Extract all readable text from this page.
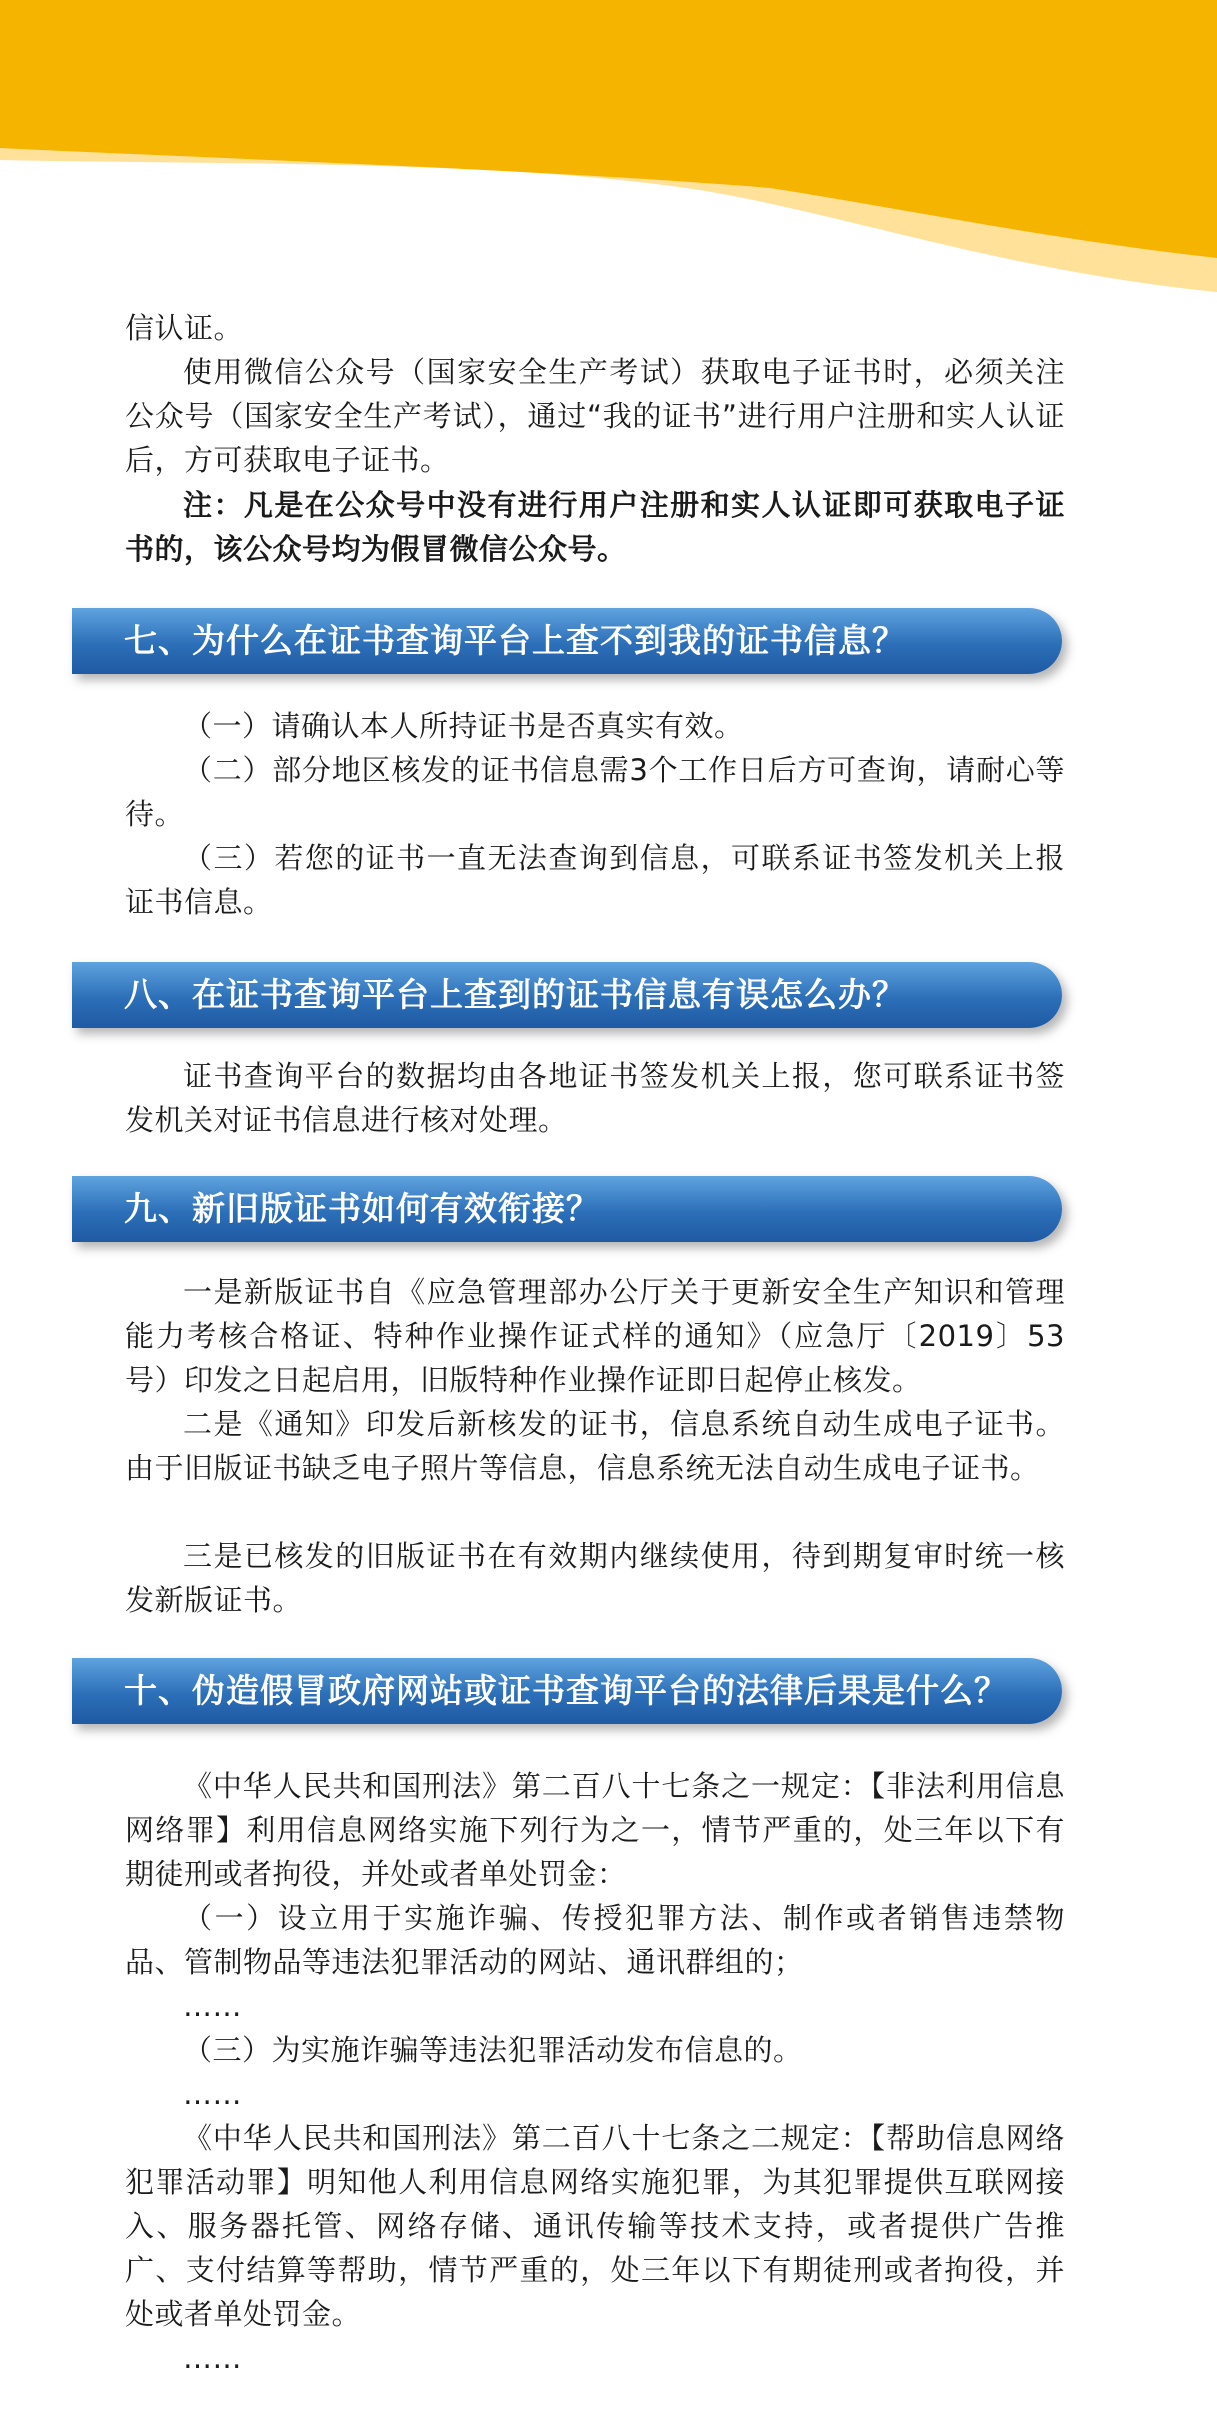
信认证。

使用微信公众号（国家安全生产考试）获取电子证书时，必须关注公众号（国家安全生产考试），通过“我的证书”进行用户注册和实人认证后，方可获取电子证书。

注：凡是在公众号中没有进行用户注册和实人认证即可获取电子证书的，该公众号均为假冒微信公众号。

七、为什么在证书查询平台上查不到我的证书信息？

（一）请确认本人所持证书是否真实有效。

（二）部分地区核发的证书信息需3个工作日后方可查询，请耐心等待。

（三）若您的证书一直无法查询到信息，可联系证书签发机关上报证书信息。

八、在证书查询平台上查到的证书信息有误怎么办？

证书查询平台的数据均由各地证书签发机关上报，您可联系证书签发机关对证书信息进行核对处理。

九、新旧版证书如何有效衔接？

一是新版证书自《应急管理部办公厅关于更新安全生产知识和管理能力考核合格证、特种作业操作证式样的通知》（应急厅〔2019〕53号）印发之日起启用，旧版特种作业操作证即日起停止核发。

二是《通知》印发后新核发的证书，信息系统自动生成电子证书。由于旧版证书缺乏电子照片等信息，信息系统无法自动生成电子证书。

三是已核发的旧版证书在有效期内继续使用，待到期复审时统一核发新版证书。

十、伪造假冒政府网站或证书查询平台的法律后果是什么？

《中华人民共和国刑法》第二百八十七条之一规定：【非法利用信息网络罪】利用信息网络实施下列行为之一，情节严重的，处三年以下有期徒刑或者拘役，并处或者单处罚金：

（一）设立用于实施诈骗、传授犯罪方法、制作或者销售违禁物品、管制物品等违法犯罪活动的网站、通讯群组的；

……

（三）为实施诈骗等违法犯罪活动发布信息的。

……

《中华人民共和国刑法》第二百八十七条之二规定：【帮助信息网络犯罪活动罪】明知他人利用信息网络实施犯罪，为其犯罪提供互联网接入、服务器托管、网络存储、通讯传输等技术支持，或者提供广告推广、支付结算等帮助，情节严重的，处三年以下有期徒刑或者拘役，并处或者单处罚金。

……
